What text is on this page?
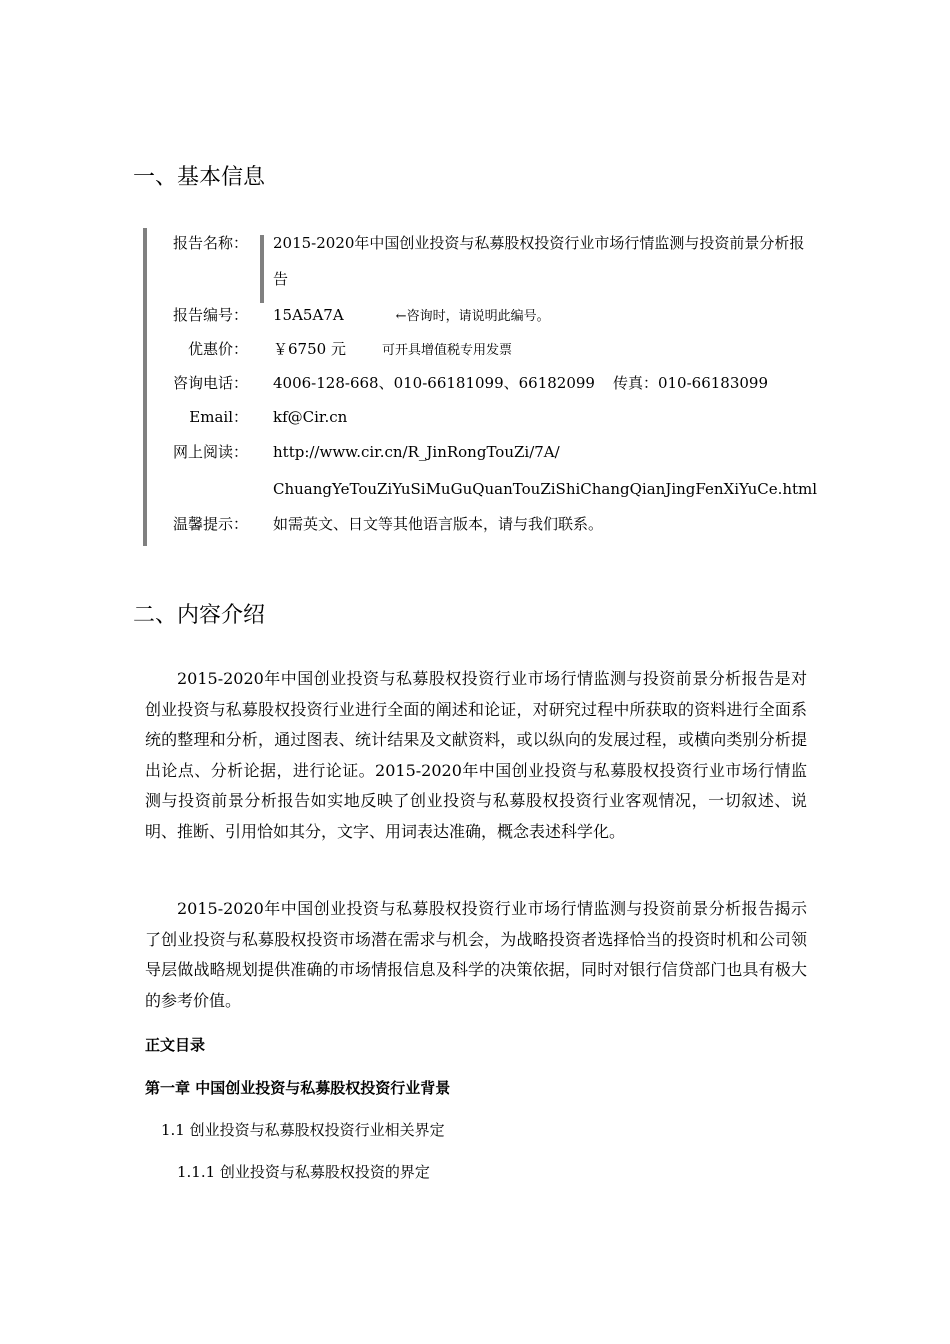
一、基本信息
报告名称： 2015-2020年中国创业投资与私募股权投资行业市场行情监测与投资前景分析报告
报告编号： 15A5A7A	←咨询时，请说明此编号。
优惠价： ￥6750 元	可开具增值税专用发票
咨询电话： 4006-128-668、010-66181099、66182099 传真：010-66183099
Email： kf@Cir.cn
网上阅读： http://www.cir.cn/R_JinRongTouZi/7A/
ChuangYeTouZiYuSiMuGuQuanTouZiShiChangQianJingFenXiYuCe.html
温馨提示： 如需英文、日文等其他语言版本，请与我们联系。
二、内容介绍

2015-2020年中国创业投资与私募股权投资行业市场行情监测与投资前景分析报告是对创业投资与私募股权投资行业进行全面的阐述和论证，对研究过程中所获取的资料进行全面系统的整理和分析，通过图表、统计结果及文献资料，或以纵向的发展过程，或横向类别分析提出论点、分析论据，进行论证。2015-2020年中国创业投资与私募股权投资行业市场行情监测与投资前景分析报告如实地反映了创业投资与私募股权投资行业客观情况，一切叙述、说明、推断、引用恰如其分，文字、用词表达准确，概念表述科学化。

2015-2020年中国创业投资与私募股权投资行业市场行情监测与投资前景分析报告揭示了创业投资与私募股权投资市场潜在需求与机会，为战略投资者选择恰当的投资时机和公司领导层做战略规划提供准确的市场情报信息及科学的决策依据，同时对银行信贷部门也具有极大的参考价值。

正文目录
第一章 中国创业投资与私募股权投资行业背景
1.1 创业投资与私募股权投资行业相关界定
1.1.1 创业投资与私募股权投资的界定
